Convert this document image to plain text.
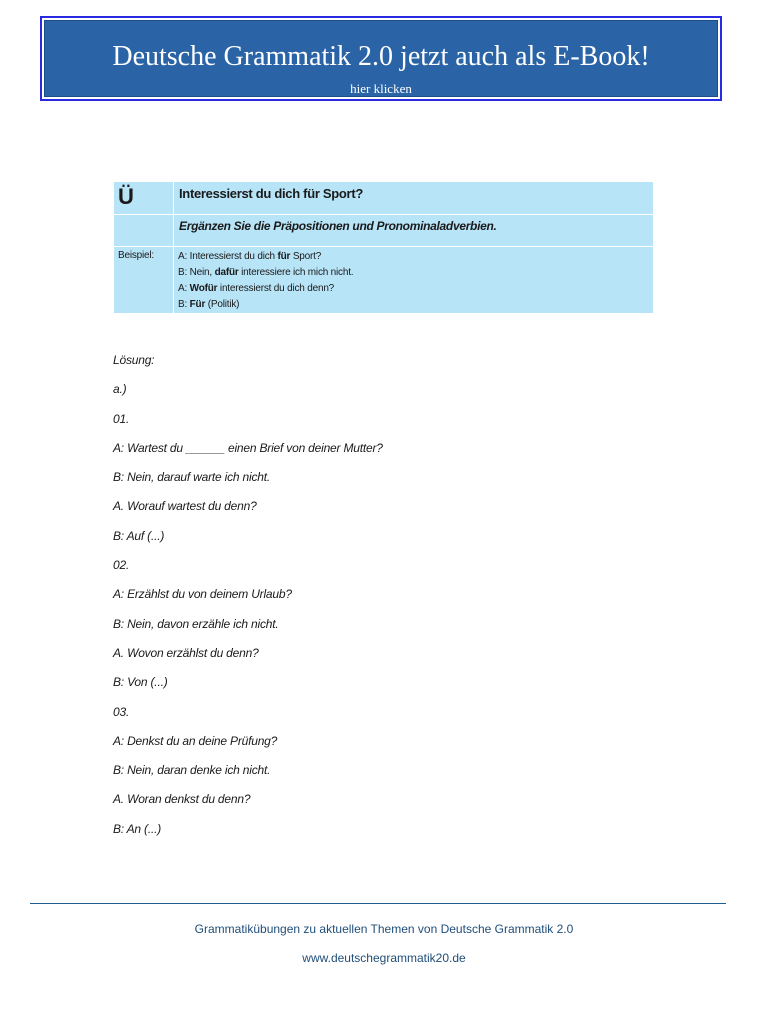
Deutsche Grammatik 2.0 jetzt auch als E-Book!
hier klicken
Ü	Interessierst du dich für Sport?
	Ergänzen Sie die Präpositionen und Pronominaladverbien.
Beispiel:	A: Interessierst du dich für Sport?
B: Nein, dafür interessiere ich mich nicht.
A: Wofür interessierst du dich denn?
B: Für (Politik)
Lösung:
a.)
01.
A: Wartest du ______ einen Brief von deiner Mutter?
B: Nein, darauf warte ich nicht.
A. Worauf wartest du denn?
B: Auf (...)
02.
A: Erzählst du von deinem Urlaub?
B: Nein, davon erzähle ich nicht.
A. Wovon erzählst du denn?
B: Von (...)
03.
A: Denkst du an deine Prüfung?
B: Nein, daran denke ich nicht.
A. Woran denkst du denn?
B: An (...)
Grammatikübungen zu aktuellen Themen von Deutsche Grammatik 2.0
www.deutschegrammatik20.de
